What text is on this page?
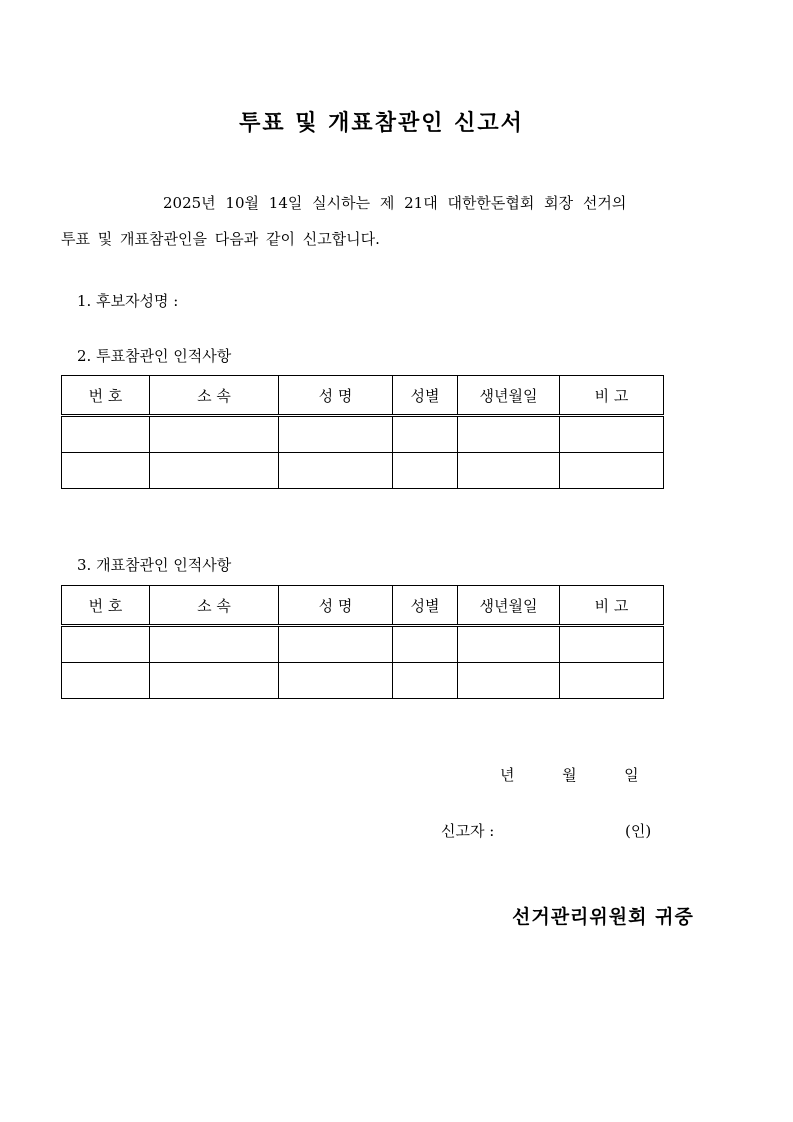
투표 및 개표참관인 신고서
2025년 10월 14일 실시하는 제 21대 대한한돈협회 회장 선거의
투표 및 개표참관인을 다음과 같이 신고합니다.
1. 후보자성명 :
2. 투표참관인 인적사항
번 호	소 속	성 명	성별	생년월일	비 고

3. 개표참관인 인적사항
번 호	소 속	성 명	성별	생년월일	비 고

년	월	일
신고자 :	(인)
선거관리위원회 귀중
